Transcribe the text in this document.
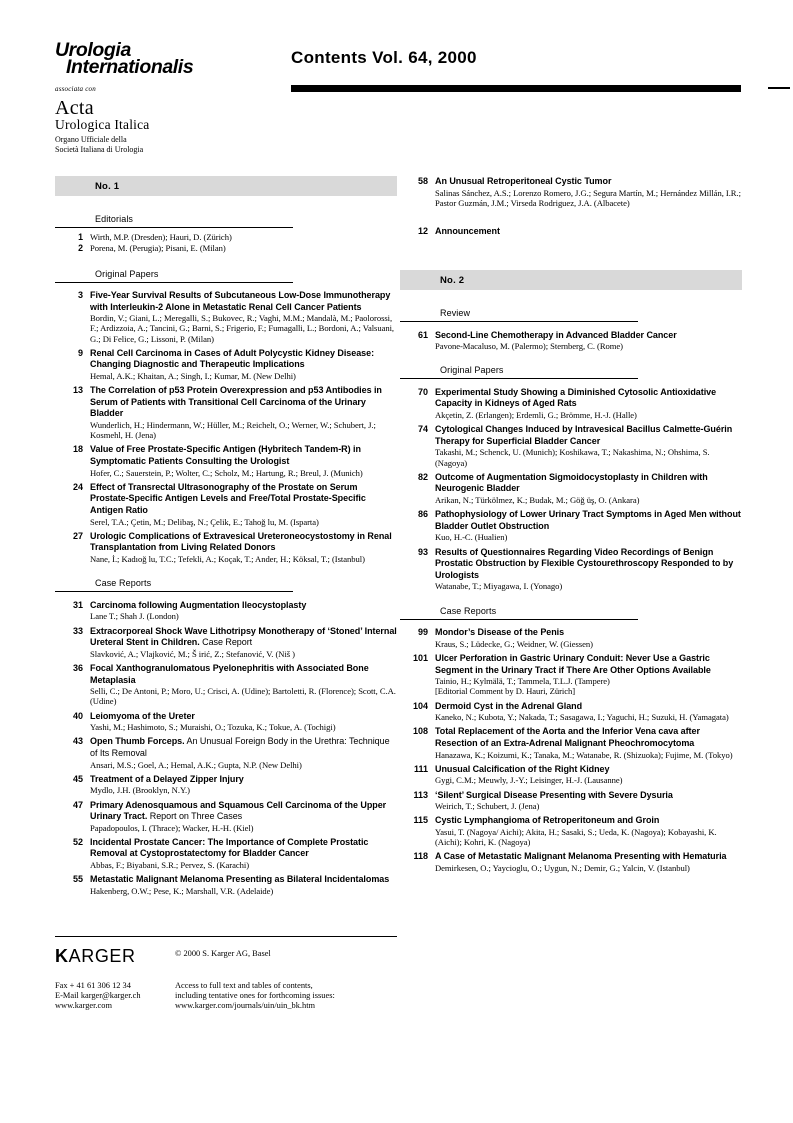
Urologia
Internationalis
associata con
Acta
Urologica Italica
Organo Ufficiale della
Società Italiana di Urologia
Contents Vol. 64, 2000
No. 1
Editorials
1 Wirth, M.P. (Dresden); Hauri, D. (Zürich)
2 Porena, M. (Perugia); Pisani, E. (Milan)
Original Papers
3 Five-Year Survival Results of Subcutaneous Low-Dose Immunotherapy with Interleukin-2 Alone in Metastatic Renal Cell Cancer Patients
Bordin, V.; Giani, L.; Meregalli, S.; Bukovec, R.; Vaghi, M.M.; Mandalà, M.; Paolorossi, F.; Ardizzoia, A.; Tancini, G.; Barni, S.; Frigerio, F.; Fumagalli, L.; Bordoni, A.; Valsuani, G.; Di Felice, G.; Lissoni, P. (Milan)
9 Renal Cell Carcinoma in Cases of Adult Polycystic Kidney Disease: Changing Diagnostic and Therapeutic Implications
Hemal, A.K.; Khaitan, A.; Singh, I.; Kumar, M. (New Delhi)
13 The Correlation of p53 Protein Overexpression and p53 Antibodies in Serum of Patients with Transitional Cell Carcinoma of the Urinary Bladder
Wunderlich, H.; Hindermann, W.; Hüller, M.; Reichelt, O.; Werner, W.; Schubert, J.; Kosmehl, H. (Jena)
18 Value of Free Prostate-Specific Antigen (Hybritech Tandem-R) in Symptomatic Patients Consulting the Urologist
Hofer, C.; Sauerstein, P.; Wolter, C.; Scholz, M.; Hartung, R.; Breul, J. (Munich)
24 Effect of Transrectal Ultrasonography of the Prostate on Serum Prostate-Specific Antigen Levels and Free/Total Prostate-Specific Antigen Ratio
Serel, T.A.; Çetin, M.; Delibaş, N.; Çelik, E.; Tahoğ lu, M. (Isparta)
27 Urologic Complications of Extravesical Ureteroneocystostomy in Renal Transplantation from Living Related Donors
Nane, İ.; Kadıoğ lu, T.C.; Tefekli, A.; Koçak, T.; Ander, H.; Köksal, T.; (Istanbul)
Case Reports
31 Carcinoma following Augmentation Ileocystoplasty
Lane T.; Shah J. (London)
33 Extracorporeal Shock Wave Lithotripsy Monotherapy of ‘Stoned’ Internal Ureteral Stent in Children. Case Report
Slavković, A.; Vlajković, M.; Š irić, Z.; Stefanović, V. (Niš )
36 Focal Xanthogranulomatous Pyelonephritis with Associated Bone Metaplasia
Selli, C.; De Antoni, P.; Moro, U.; Crisci, A. (Udine); Bartoletti, R. (Florence); Scott, C.A. (Udine)
40 Leiomyoma of the Ureter
Yashi, M.; Hashimoto, S.; Muraishi, O.; Tozuka, K.; Tokue, A. (Tochigi)
43 Open Thumb Forceps. An Unusual Foreign Body in the Urethra: Technique of Its Removal
Ansari, M.S.; Goel, A.; Hemal, A.K.; Gupta, N.P. (New Delhi)
45 Treatment of a Delayed Zipper Injury
Mydlo, J.H. (Brooklyn, N.Y.)
47 Primary Adenosquamous and Squamous Cell Carcinoma of the Upper Urinary Tract. Report on Three Cases
Papadopoulos, I. (Thrace); Wacker, H.-H. (Kiel)
52 Incidental Prostate Cancer: The Importance of Complete Prostatic Removal at Cystoprostatectomy for Bladder Cancer
Abbas, F.; Biyabani, S.R.; Pervez, S. (Karachi)
55 Metastatic Malignant Melanoma Presenting as Bilateral Incidentalomas
Hakenberg, O.W.; Pese, K.; Marshall, V.R. (Adelaide)
58 An Unusual Retroperitoneal Cystic Tumor
Salinas Sánchez, A.S.; Lorenzo Romero, J.G.; Segura Martín, M.; Hernández Millán, I.R.; Pastor Guzmán, J.M.; Virseda Rodriguez, J.A. (Albacete)
12 Announcement
No. 2
Review
61 Second-Line Chemotherapy in Advanced Bladder Cancer
Pavone-Macaluso, M. (Palermo); Sternberg, C. (Rome)
Original Papers
70 Experimental Study Showing a Diminished Cytosolic Antioxidative Capacity in Kidneys of Aged Rats
Akçetin, Z. (Erlangen); Erdemli, G.; Brömme, H.-J. (Halle)
74 Cytological Changes Induced by Intravesical Bacillus Calmette-Guérin Therapy for Superficial Bladder Cancer
Takashi, M.; Schenck, U. (Munich); Koshikawa, T.; Nakashima, N.; Ohshima, S. (Nagoya)
82 Outcome of Augmentation Sigmoidocystoplasty in Children with Neurogenic Bladder
Arikan, N.; Türkölmez, K.; Budak, M.; Göğ üş, O. (Ankara)
86 Pathophysiology of Lower Urinary Tract Symptoms in Aged Men without Bladder Outlet Obstruction
Kuo, H.-C. (Hualien)
93 Results of Questionnaires Regarding Video Recordings of Benign Prostatic Obstruction by Flexible Cystourethroscopy Responded to by Urologists
Watanabe, T.; Miyagawa, I. (Yonago)
Case Reports
99 Mondor’s Disease of the Penis
Kraus, S.; Lüdecke, G.; Weidner, W. (Giessen)
101 Ulcer Perforation in Gastric Urinary Conduit: Never Use a Gastric Segment in the Urinary Tract if There Are Other Options Available
Tainio, H.; Kylmälä, T.; Tammela, T.L.J. (Tampere)
[Editorial Comment by D. Hauri, Zürich]
104 Dermoid Cyst in the Adrenal Gland
Kaneko, N.; Kubota, Y.; Nakada, T.; Sasagawa, I.; Yaguchi, H.; Suzuki, H. (Yamagata)
108 Total Replacement of the Aorta and the Inferior Vena cava after Resection of an Extra-Adrenal Malignant Pheochromocytoma
Hanazawa, K.; Koizumi, K.; Tanaka, M.; Watanabe, R. (Shizuoka); Fujime, M. (Tokyo)
111 Unusual Calcification of the Right Kidney
Gygi, C.M.; Meuwly, J.-Y.; Leisinger, H.-J. (Lausanne)
113 ‘Silent’ Surgical Disease Presenting with Severe Dysuria
Weirich, T.; Schubert, J. (Jena)
115 Cystic Lymphangioma of Retroperitoneum and Groin
Yasui, T. (Nagoya/ Aichi); Akita, H.; Sasaki, S.; Ueda, K. (Nagoya); Kobayashi, K. (Aichi); Kohri, K. (Nagoya)
118 A Case of Metastatic Malignant Melanoma Presenting with Hematuria
Demirkesen, O.; Yaycioglu, O.; Uygun, N.; Demir, G.; Yalcin, V. (Istanbul)
KARGER	© 2000 S. Karger AG, Basel
Fax + 41 61 306 12 34
E-Mail karger@karger.ch
www.karger.com
Access to full text and tables of contents,
including tentative ones for forthcoming issues:
www.karger.com/journals/uin/uin_bk.htm
